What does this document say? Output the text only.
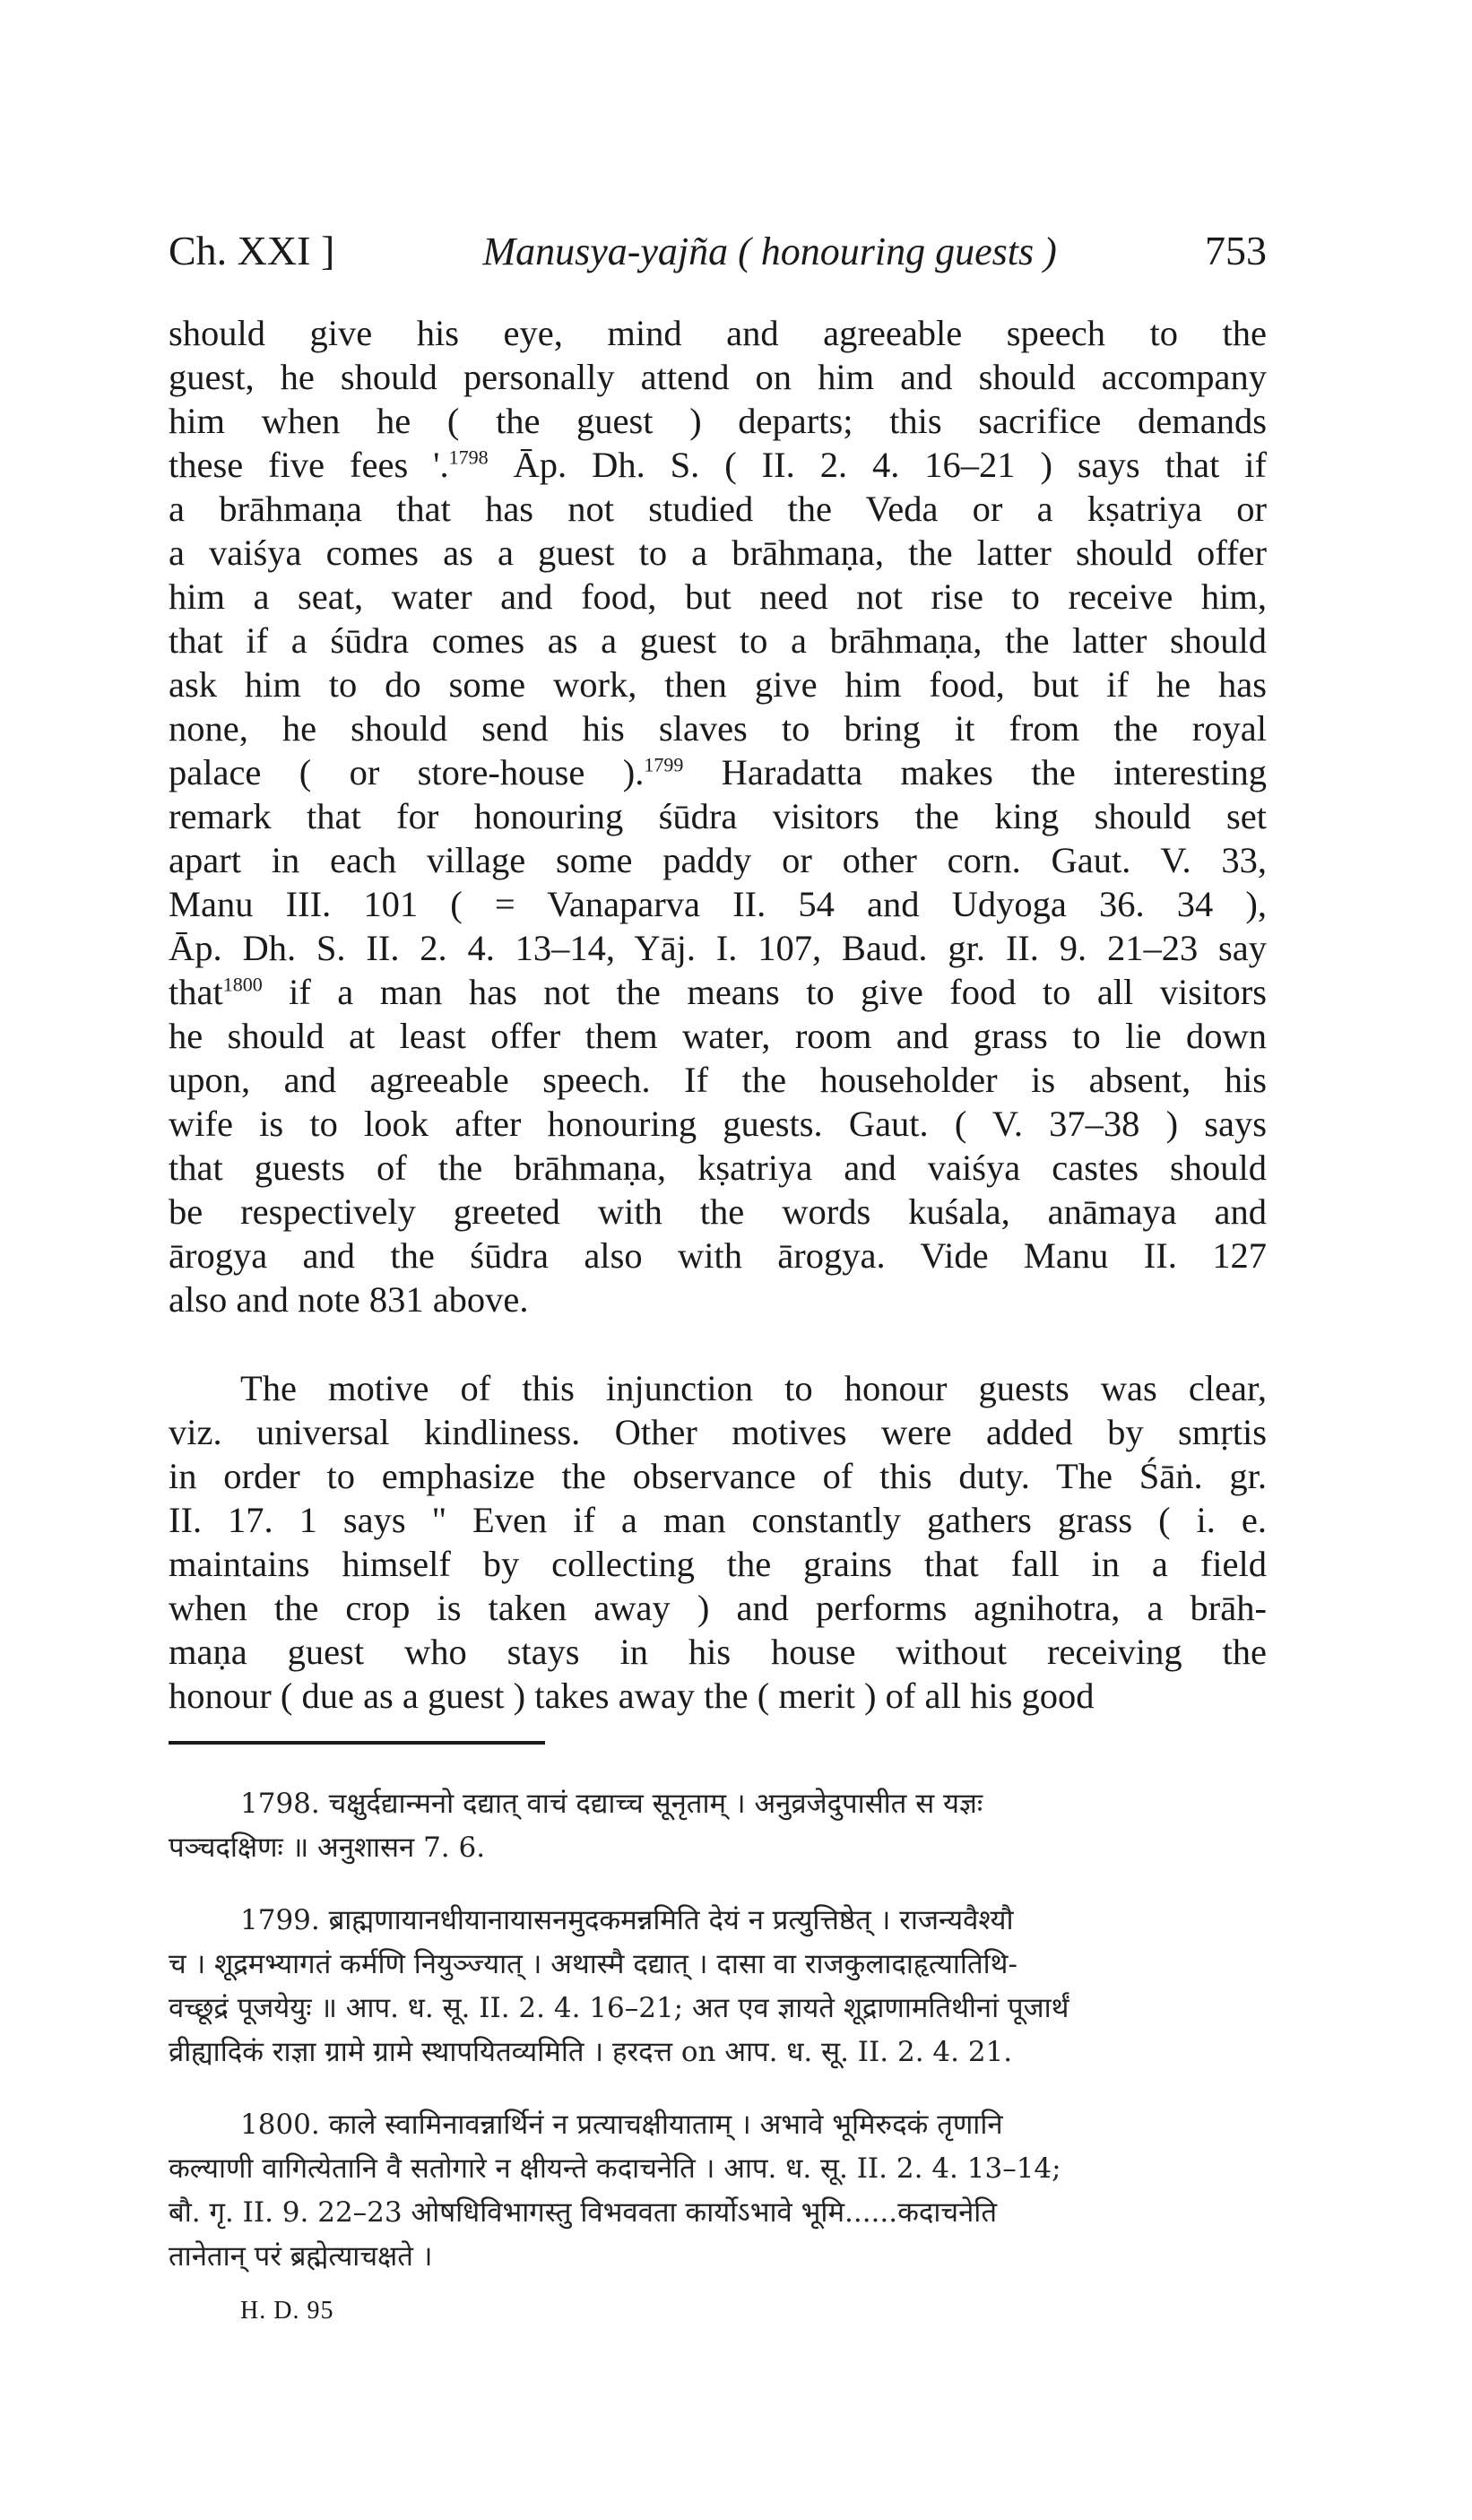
Ch. XXI ]	Manusya-yajña ( honouring guests )	753
should give his eye, mind and agreeable speech to the
guest, he should personally attend on him and should accompany
him when he ( the guest ) departs; this sacrifice demands
these five fees '.$^{1798}$ Āp. Dh. S. ( II. 2. 4. 16–21 ) says that if
a brāhmaṇa that has not studied the Veda or a kṣatriya or
a vaiśya comes as a guest to a brāhmaṇa, the latter should offer
him a seat, water and food, but need not rise to receive him,
that if a śūdra comes as a guest to a brāhmaṇa, the latter should
ask him to do some work, then give him food, but if he has
none, he should send his slaves to bring it from the royal
palace ( or store-house ).$^{1799}$ Haradatta makes the interesting
remark that for honouring śūdra visitors the king should set
apart in each village some paddy or other corn. Gaut. V. 33,
Manu III. 101 ( = Vanaparva II. 54 and Udyoga 36. 34 ),
Āp. Dh. S. II. 2. 4. 13–14, Yāj. I. 107, Baud. gr. II. 9. 21–23 say
that$^{1800}$ if a man has not the means to give food to all visitors
he should at least offer them water, room and grass to lie down
upon, and agreeable speech. If the householder is absent, his
wife is to look after honouring guests. Gaut. ( V. 37–38 ) says
that guests of the brāhmaṇa, kṣatriya and vaiśya castes should
be respectively greeted with the words kuśala, anāmaya and
ārogya and the śūdra also with ārogya. Vide Manu II. 127
also and note 831 above.
The motive of this injunction to honour guests was clear,
viz. universal kindliness. Other motives were added by smṛtis
in order to emphasize the observance of this duty. The Śāṅ. gr.
II. 17. 1 says " Even if a man constantly gathers grass ( i. e.
maintains himself by collecting the grains that fall in a field
when the crop is taken away ) and performs agnihotra, a brāh-
maṇa guest who stays in his house without receiving the
honour ( due as a guest ) takes away the ( merit ) of all his good
1798. चक्षुर्दद्यान्मनो दद्यात् वाचं दद्याच्च सूनृताम् । अनुव्रजेदुपासीत स यज्ञः
पञ्चदक्षिणः ॥ अनुशासन 7. 6.
1799. ब्राह्मणायानधीयानायासनमुदकमन्नमिति देयं न प्रत्युत्तिष्ठेत् । राजन्यवैश्यौ
च । शूद्रमभ्यागतं कर्मणि नियुञ्ज्यात् । अथास्मै दद्यात् । दासा वा राजकुलादाहृत्यातिथि-
वच्छूद्रं पूजयेयुः ॥ आप. ध. सू. II. 2. 4. 16–21; अत एव ज्ञायते शूद्राणामतिथीनां पूजार्थं
व्रीह्यादिकं राज्ञा ग्रामे ग्रामे स्थापयितव्यमिति । हरदत्त on आप. ध. सू. II. 2. 4. 21.
1800. काले स्वामिनावन्नार्थिनं न प्रत्याचक्षीयाताम् । अभावे भूमिरुदकं तृणानि
कल्याणी वागित्येतानि वै सतोगारे न क्षीयन्ते कदाचनेति । आप. ध. सू. II. 2. 4. 13–14;
बौ. गृ. II. 9. 22–23 ओषधिविभागस्तु विभववता कार्योऽभावे भूमि......कदाचनेति
तानेतान् परं ब्रह्मेत्याचक्षते ।
H. D. 95
